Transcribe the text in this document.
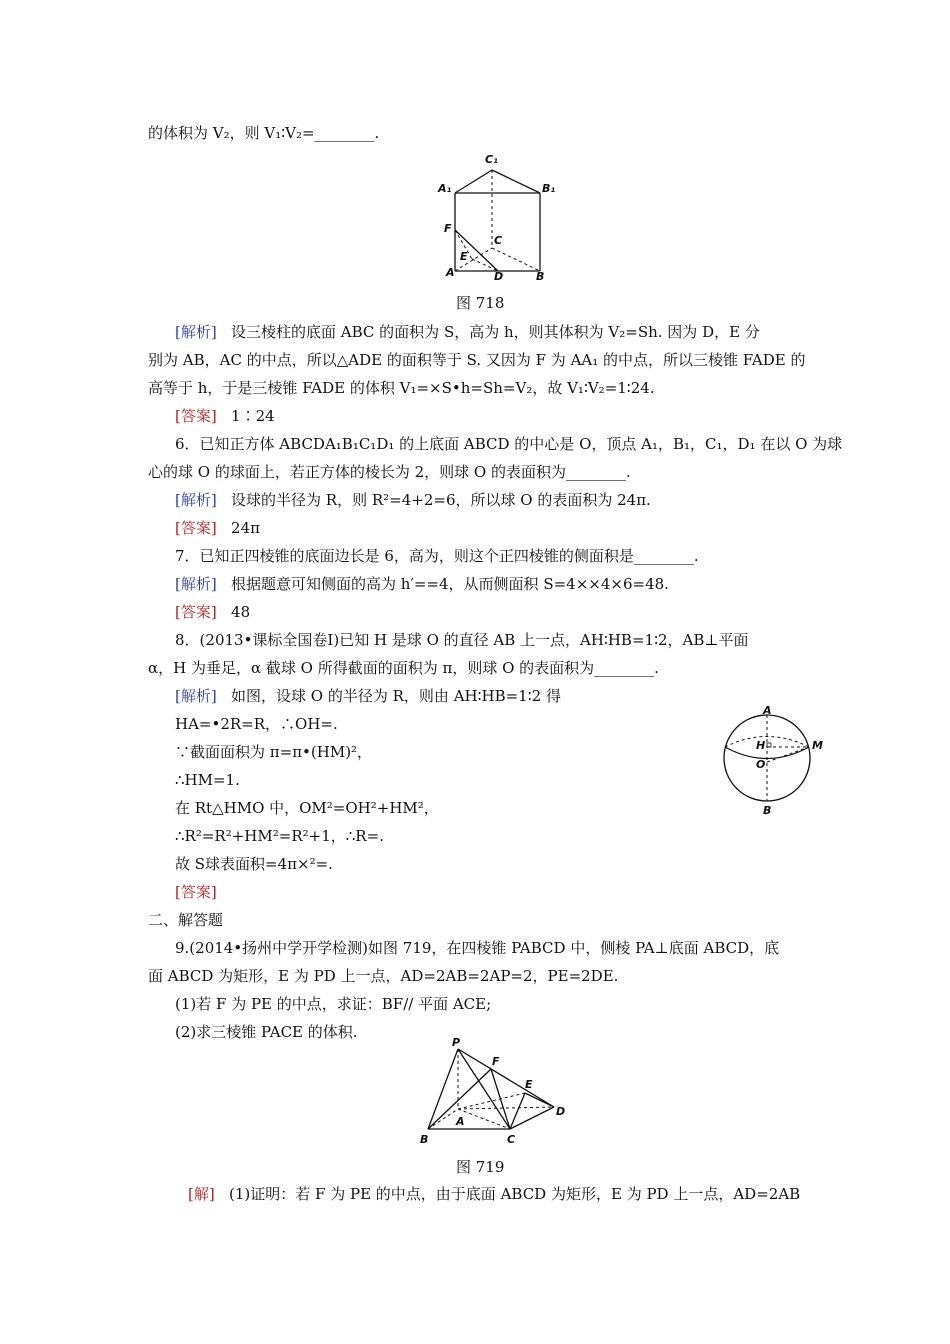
的体积为 V₂，则 V₁∶V₂=________.
C₁
A₁	B₁
F
C
E
A	D	B
图 718
[解析] 设三棱柱的底面 ABC 的面积为 S，高为 h，则其体积为 V₂=Sh. 因为 D，E 分
别为 AB，AC 的中点，所以△ADE 的面积等于 S. 又因为 F 为 AA₁ 的中点，所以三棱锥 FADE 的
高等于 h，于是三棱锥 FADE 的体积 V₁=×S•h=Sh=V₂，故 V₁∶V₂=1∶24.
[答案] 1∶24
6．已知正方体 ABCDA₁B₁C₁D₁ 的上底面 ABCD 的中心是 O，顶点 A₁，B₁，C₁，D₁ 在以 O 为球
心的球 O 的球面上，若正方体的棱长为 2，则球 O 的表面积为________.
[解析] 设球的半径为 R，则 R²=4+2=6，所以球 O 的表面积为 24π.
[答案] 24π
7．已知正四棱锥的底面边长是 6，高为，则这个正四棱锥的侧面积是________.
[解析] 根据题意可知侧面的高为 h′==4，从而侧面积 S=4××4×6=48.
[答案] 48
8．(2013•课标全国卷Ⅰ)已知 H 是球 O 的直径 AB 上一点，AH∶HB=1∶2，AB⊥平面
α，H 为垂足，α 截球 O 所得截面的面积为 π，则球 O 的表面积为________.
[解析] 如图，设球 O 的半径为 R，则由 AH∶HB=1∶2 得
HA=•2R=R，∴OH=.
∵截面面积为 π=π•(HM)²，
∴HM=1.
在 Rt△HMO 中，OM²=OH²+HM²，
∴R²=R²+HM²=R²+1，∴R=.
故 S球表面积=4π×²=.
[答案]
A
H	M
O
B
二、解答题
9.(2014•扬州中学开学检测)如图 719，在四棱锥 PABCD 中，侧棱 PA⊥底面 ABCD，底
面 ABCD 为矩形，E 为 PD 上一点，AD=2AB=2AP=2，PE=2DE.
(1)若 F 为 PE 的中点，求证：BF// 平面 ACE;
(2)求三棱锥 PACE 的体积.
P
F
E
A
D
B	C
图 719
[解] (1)证明：若 F 为 PE 的中点，由于底面 ABCD 为矩形，E 为 PD 上一点，AD=2AB
